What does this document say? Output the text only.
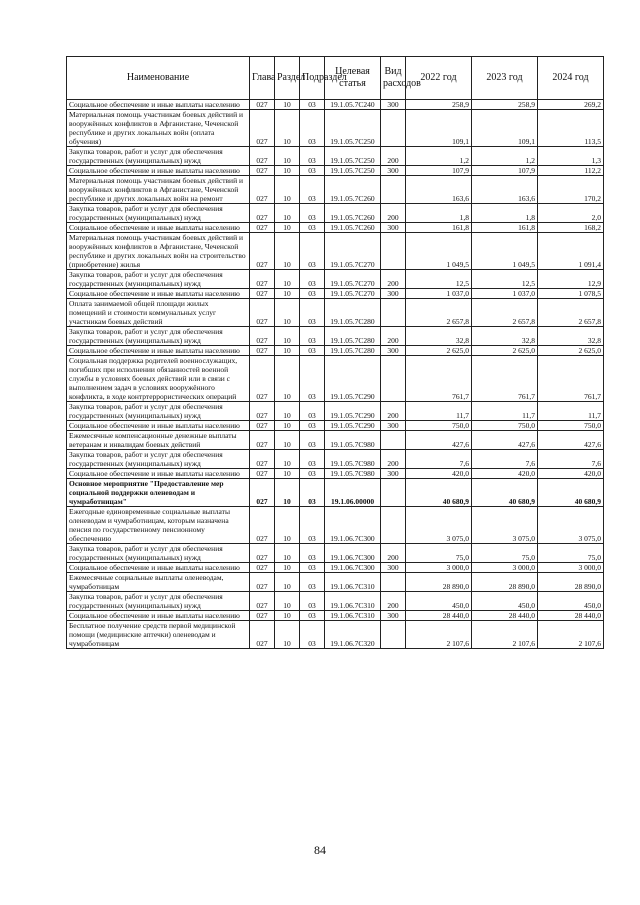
Наименование	Глава	Раздел	Подраздел	Целевая статья	Вид расходов	2022 год	2023 год	2024 год
Социальное обеспечение и иные выплаты населению	027	10	03	19.1.05.7С240	300	258,9	258,9	269,2
Материальная помощь участникам боевых действий и вооружённых конфликтов в Афганистане, Чеченской республике и других локальных войн (оплата обучения)	027	10	03	19.1.05.7С250		109,1	109,1	113,5
Закупка товаров, работ и услуг для обеспечения государственных (муниципальных) нужд	027	10	03	19.1.05.7С250	200	1,2	1,2	1,3
Социальное обеспечение и иные выплаты населению	027	10	03	19.1.05.7С250	300	107,9	107,9	112,2
Материальная помощь участникам боевых действий и вооружённых конфликтов в Афганистане, Чеченской республике и других локальных войн на ремонт	027	10	03	19.1.05.7С260		163,6	163,6	170,2
Закупка товаров, работ и услуг для обеспечения государственных (муниципальных) нужд	027	10	03	19.1.05.7С260	200	1,8	1,8	2,0
Социальное обеспечение и иные выплаты населению	027	10	03	19.1.05.7С260	300	161,8	161,8	168,2
Материальная помощь участникам боевых действий и вооружённых конфликтов в Афганистане, Чеченской республике и других локальных войн на строительство (приобретение) жилья	027	10	03	19.1.05.7С270		1 049,5	1 049,5	1 091,4
Закупка товаров, работ и услуг для обеспечения государственных (муниципальных) нужд	027	10	03	19.1.05.7С270	200	12,5	12,5	12,9
Социальное обеспечение и иные выплаты населению	027	10	03	19.1.05.7С270	300	1 037,0	1 037,0	1 078,5
Оплата занимаемой общей площади жилых помещений и стоимости коммунальных услуг участникам боевых действий	027	10	03	19.1.05.7С280		2 657,8	2 657,8	2 657,8
Закупка товаров, работ и услуг для обеспечения государственных (муниципальных) нужд	027	10	03	19.1.05.7С280	200	32,8	32,8	32,8
Социальное обеспечение и иные выплаты населению	027	10	03	19.1.05.7С280	300	2 625,0	2 625,0	2 625,0
Социальная поддержка родителей военнослужащих, погибших при исполнении обязанностей военной службы в условиях боевых действий или в связи с выполнением задач в условиях вооружённого конфликта, в ходе контртеррористических операций	027	10	03	19.1.05.7С290		761,7	761,7	761,7
Закупка товаров, работ и услуг для обеспечения государственных (муниципальных) нужд	027	10	03	19.1.05.7С290	200	11,7	11,7	11,7
Социальное обеспечение и иные выплаты населению	027	10	03	19.1.05.7С290	300	750,0	750,0	750,0
Ежемесячные компенсационные денежные выплаты ветеранам и инвалидам боевых действий	027	10	03	19.1.05.7С980		427,6	427,6	427,6
Закупка товаров, работ и услуг для обеспечения государственных (муниципальных) нужд	027	10	03	19.1.05.7С980	200	7,6	7,6	7,6
Социальное обеспечение и иные выплаты населению	027	10	03	19.1.05.7С980	300	420,0	420,0	420,0
Основное мероприятие "Предоставление мер социальной поддержки оленеводам и чумработницам"	027	10	03	19.1.06.00000		40 680,9	40 680,9	40 680,9
Ежегодные единовременные социальные выплаты оленеводам и чумработницам, которым назначена пенсия по государственному пенсионному обеспечению	027	10	03	19.1.06.7С300		3 075,0	3 075,0	3 075,0
Закупка товаров, работ и услуг для обеспечения государственных (муниципальных) нужд	027	10	03	19.1.06.7С300	200	75,0	75,0	75,0
Социальное обеспечение и иные выплаты населению	027	10	03	19.1.06.7С300	300	3 000,0	3 000,0	3 000,0
Ежемесячные социальные выплаты оленеводам, чумработницам	027	10	03	19.1.06.7С310		28 890,0	28 890,0	28 890,0
Закупка товаров, работ и услуг для обеспечения государственных (муниципальных) нужд	027	10	03	19.1.06.7С310	200	450,0	450,0	450,0
Социальное обеспечение и иные выплаты населению	027	10	03	19.1.06.7С310	300	28 440,0	28 440,0	28 440,0
Бесплатное получение средств первой медицинской помощи (медицинские аптечки) оленеводам и чумработницам	027	10	03	19.1.06.7С320		2 107,6	2 107,6	2 107,6
84
